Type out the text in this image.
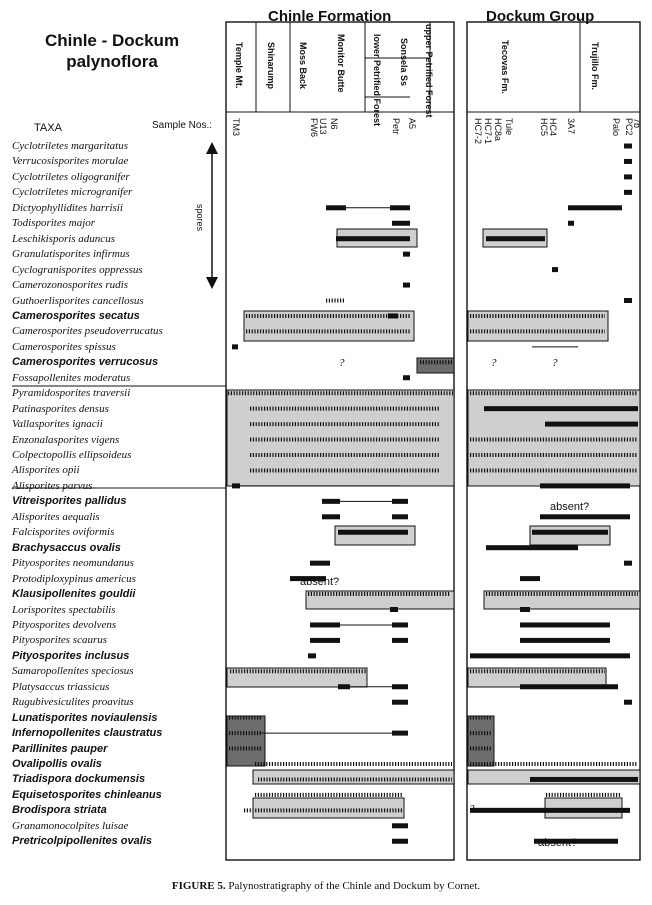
Chinle - Dockum palynoflora
Chinle Formation	Dockum Group
TAXA	Sample Nos.:
?	?	?
?
Cyclotriletes margaritatus
Verrucosisporites morulae
Cyclotriletes oligogranifer
Cyclotriletes microgranifer
Dictyophyllidites harrisii
Todisporites major
Leschikisporis aduncus
Granulatisporites infirmus
Cyclogranisporites oppressus
Camerozonosporites rudis
Guthoerlisporites cancellosus
Camerosporites secatus
Camerosporites pseudoverrucatus
Camerosporites spissus
Camerosporites verrucosus
Fossapollenites moderatus
Pyramidosporites traversii
Patinasporites densus
Vallasporites ignacii
Enzonalasporites vigens
Colpectopollis ellipsoideus
Alisporites opii
Alisporites parvus
Vitreisporites pallidus
Alisporites aequalis
Falcisporites oviformis
Brachysaccus ovalis
Pityosporites neomundanus
Protodiploxypinus americus
Klausipollenites gouldii
Lorisporites spectabilis
Pityosporites devolvens
Pityosporites scaurus
Pityosporites inclusus
Samaropollenites speciosus
Platysaccus triassicus
Rugubivesiculites proavitus
Lunatisporites noviaulensis
Infernopollenites claustratus
Parillinites pauper
Ovalipollis ovalis
Triadispora dockumensis
Equisetosporites chinleanus
Brodispora striata
Granamonocolpites luisae
Pretricolpipollenites ovalis
Temple Mt. Shinarump Moss Back	Monitor Butte	lower Petrified Forest Sonsela Ss upper Petrified Forest	Tecovas Fm.	Trujillo Fm.
TM3	FW6 N6
U13	Petr A5	HC7-2 HC7-1 HC8a Tule	HC5 HC4 3A7	Palo PC2
7b
spores
absent?
absent?
absent?
FIGURE 5. Palynostratigraphy of the Chinle and Dockum by Cornet.
